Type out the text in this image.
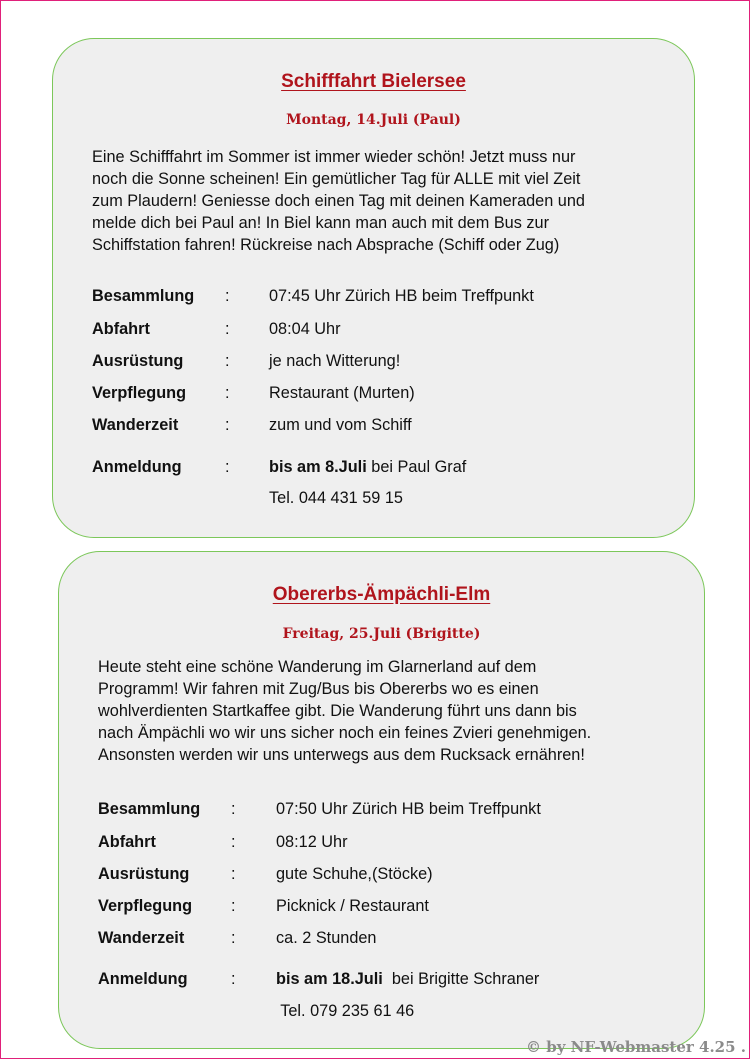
Schifffahrt Bielersee
Montag, 14.Juli (Paul)
Eine Schifffahrt im Sommer ist immer wieder schön! Jetzt muss nur
noch die Sonne scheinen! Ein gemütlicher Tag für ALLE mit viel Zeit
zum Plaudern! Geniesse doch einen Tag mit deinen Kameraden und
melde dich bei Paul an! In Biel kann man auch mit dem Bus zur
Schiffstation fahren! Rückreise nach Absprache (Schiff oder Zug)
Besammlung : 07:45 Uhr Zürich HB beim Treffpunkt
Abfahrt	: 08:04 Uhr
Ausrüstung	: je nach Witterung!
Verpflegung : Restaurant (Murten)
Wanderzeit	: zum und vom Schiff
Anmeldung	: bis am 8.Juli bei Paul Graf
Tel. 044 431 59 15
Obererbs-Ämpächli-Elm
Freitag, 25.Juli (Brigitte)
Heute steht eine schöne Wanderung im Glarnerland auf dem
Programm! Wir fahren mit Zug/Bus bis Obererbs wo es einen
wohlverdienten Startkaffee gibt. Die Wanderung führt uns dann bis
nach Ämpächli wo wir uns sicher noch ein feines Zvieri genehmigen.
Ansonsten werden wir uns unterwegs aus dem Rucksack ernähren!
Besammlung : 07:50 Uhr Zürich HB beim Treffpunkt
Abfahrt	: 08:12 Uhr
Ausrüstung	: gute Schuhe,(Stöcke)
Verpflegung : Picknick / Restaurant
Wanderzeit	: ca. 2 Stunden
Anmeldung	: bis am 18.Juli  bei Brigitte Schraner
Tel. 079 235 61 46
© by NF-Webmaster 4.25 .
